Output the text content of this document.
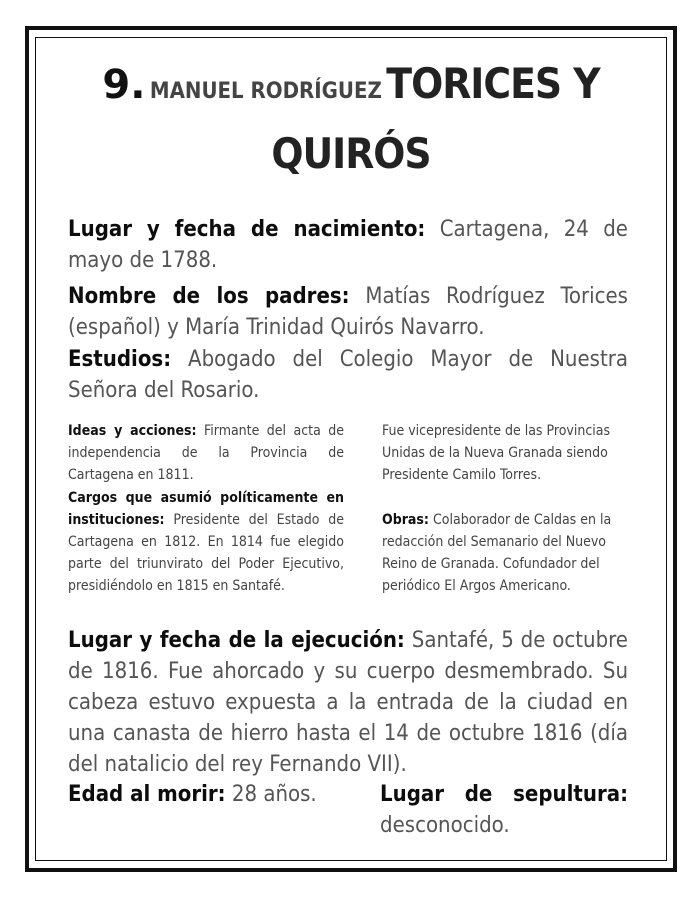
9. MANUEL RODRÍGUEZ TORICES Y
QUIRÓS
Lugar y fecha de nacimiento: Cartagena, 24 de mayo de 1788.
Nombre de los padres: Matías Rodríguez Torices (español) y María Trinidad Quirós Navarro.
Estudios: Abogado del Colegio Mayor de Nuestra Señora del Rosario.
Ideas y acciones: Firmante del acta de independencia de la Provincia de Cartagena en 1811.
Cargos que asumió políticamente en instituciones: Presidente del Estado de Cartagena en 1812. En 1814 fue elegido parte del triunvirato del Poder Ejecutivo, presidiéndolo en 1815 en Santafé.
Fue vicepresidente de las Provincias Unidas de la Nueva Granada siendo Presidente Camilo Torres.
Obras: Colaborador de Caldas en la redacción del Semanario del Nuevo Reino de Granada. Cofundador del periódico El Argos Americano.
Lugar y fecha de la ejecución: Santafé, 5 de octubre de 1816. Fue ahorcado y su cuerpo desmembrado. Su cabeza estuvo expuesta a la entrada de la ciudad en una canasta de hierro hasta el 14 de octubre 1816 (día del natalicio del rey Fernando VII).
Edad al morir: 28 años.	Lugar de sepultura: desconocido.
